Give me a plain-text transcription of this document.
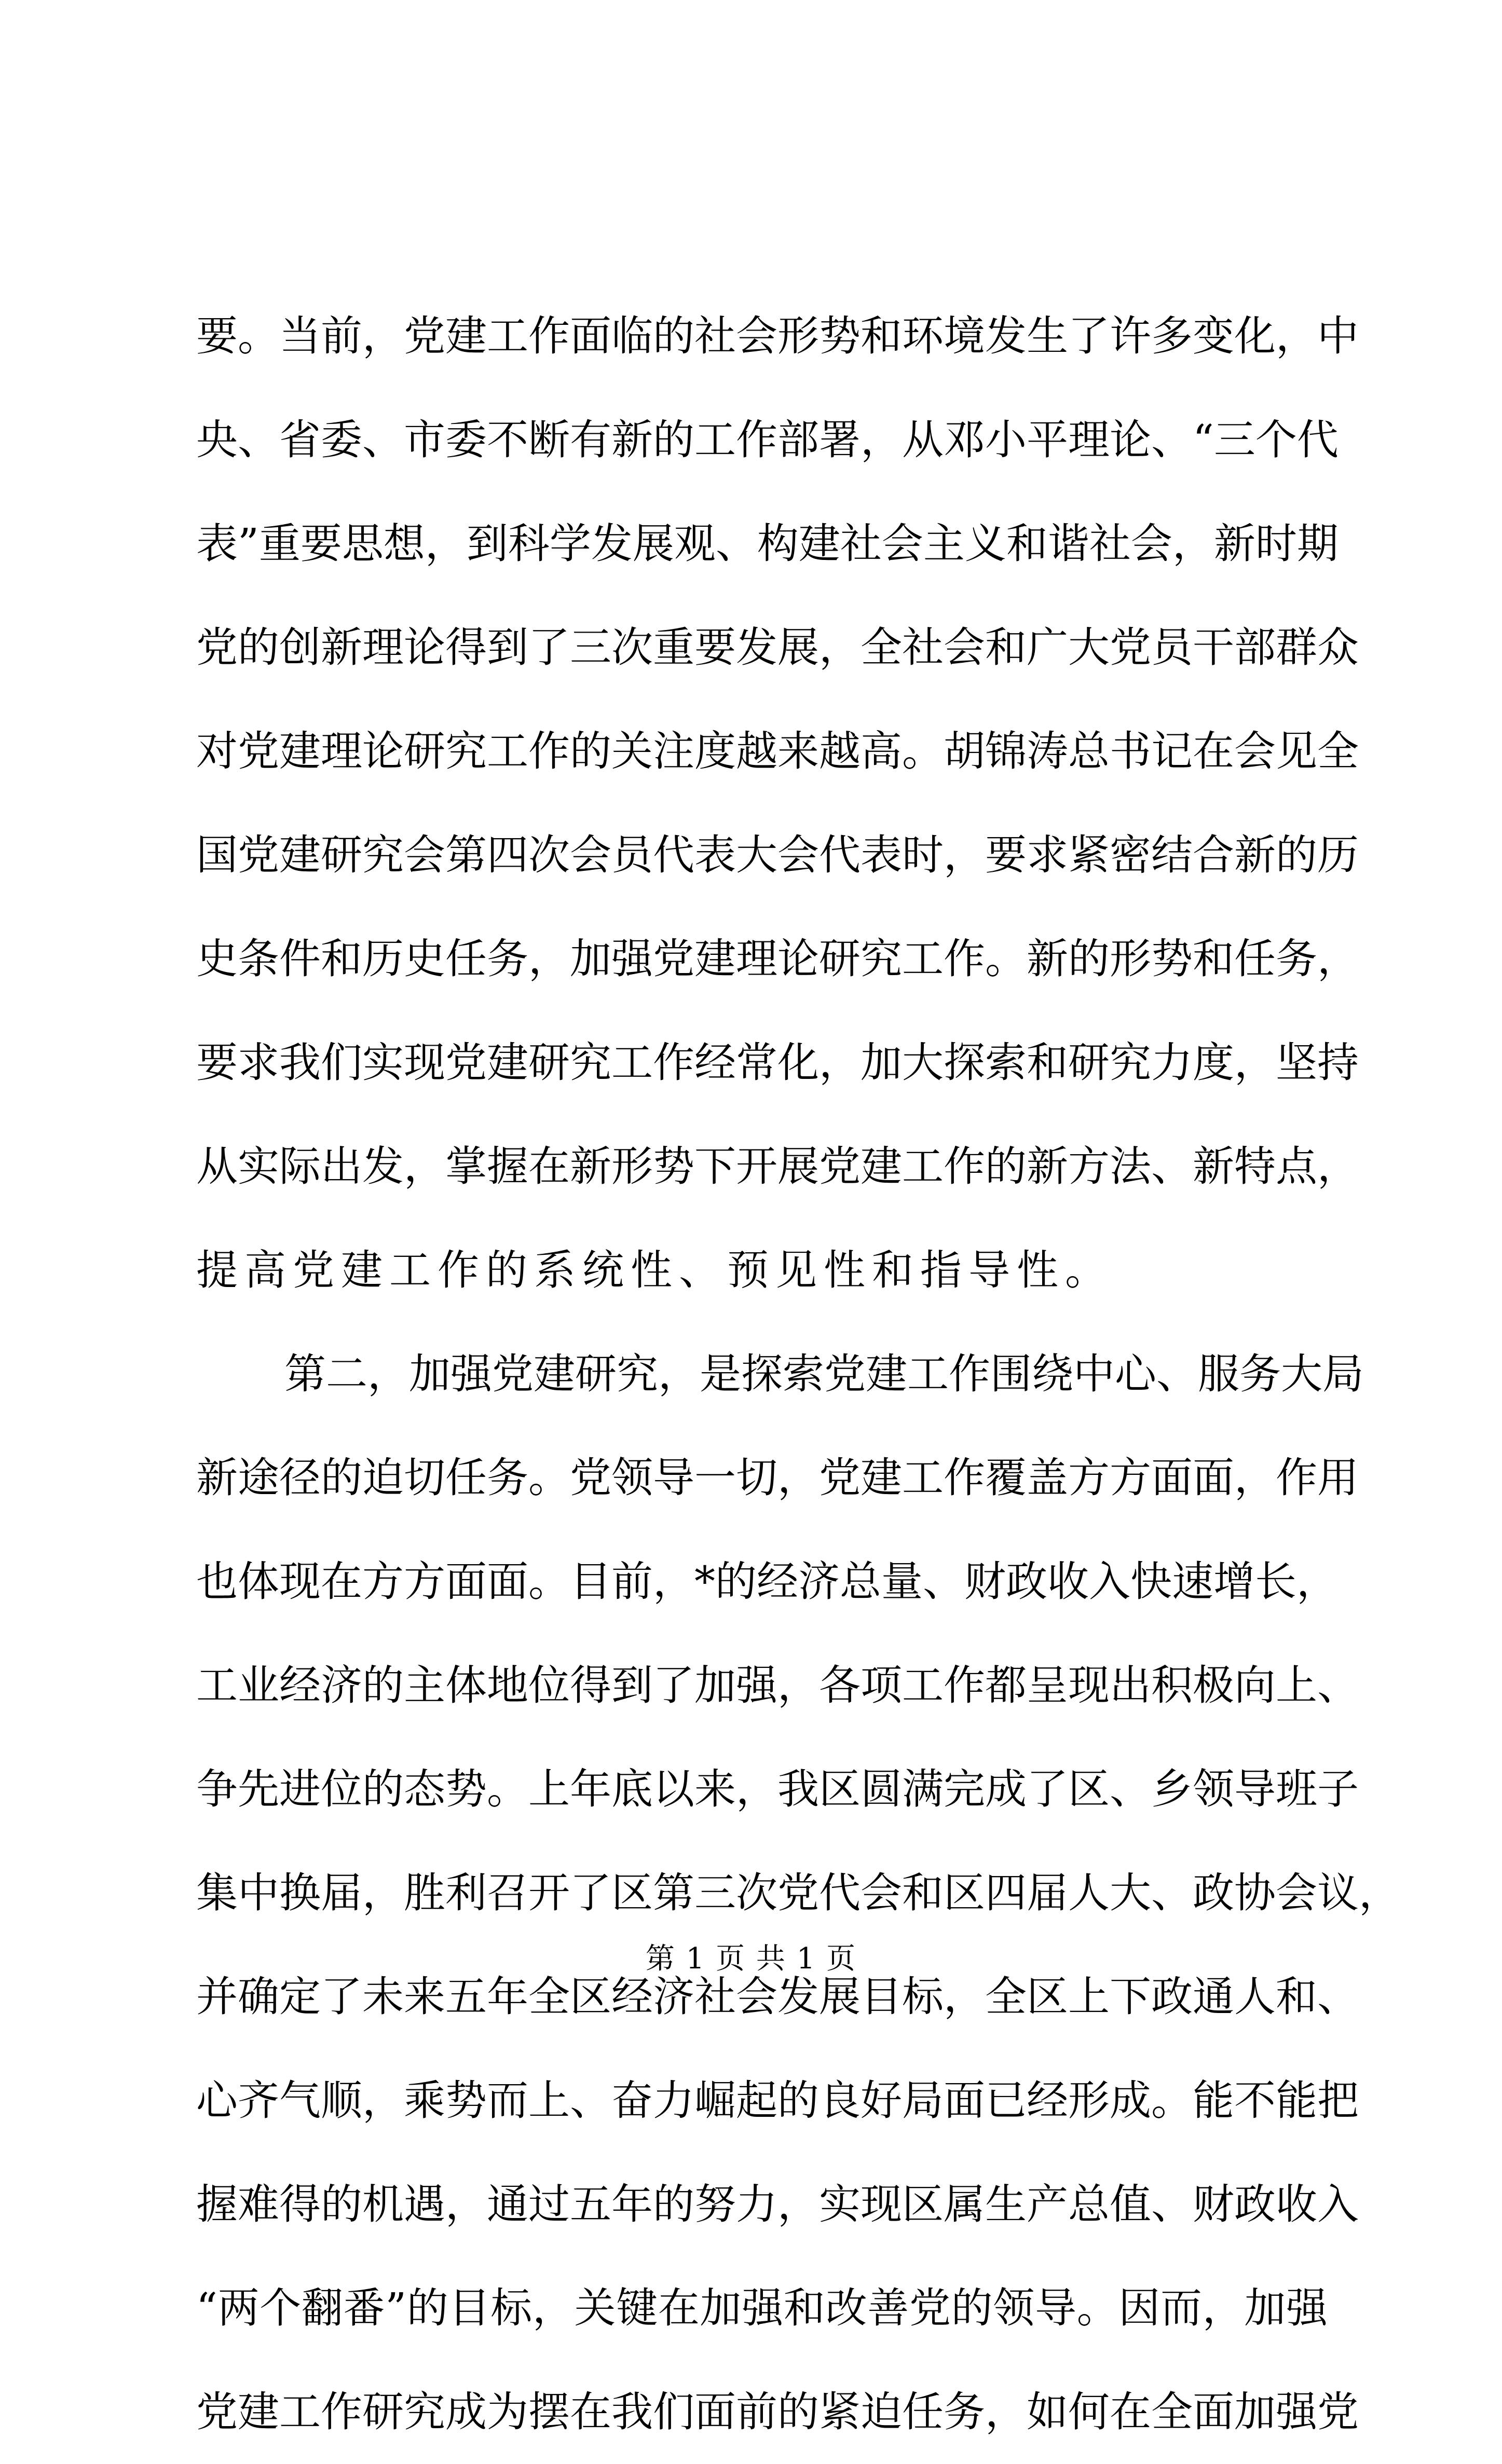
要。当前，党建工作面临的社会形势和环境发生了许多变化，中
央、省委、市委不断有新的工作部署，从邓小平理论、“三个代
表”重要思想，到科学发展观、构建社会主义和谐社会，新时期
党的创新理论得到了三次重要发展，全社会和广大党员干部群众
对党建理论研究工作的关注度越来越高。胡锦涛总书记在会见全
国党建研究会第四次会员代表大会代表时，要求紧密结合新的历
史条件和历史任务，加强党建理论研究工作。新的形势和任务，
要求我们实现党建研究工作经常化，加大探索和研究力度，坚持
从实际出发，掌握在新形势下开展党建工作的新方法、新特点，
提高党建工作的系统性、预见性和指导性。
第二，加强党建研究，是探索党建工作围绕中心、服务大局
新途径的迫切任务。党领导一切，党建工作覆盖方方面面，作用
也体现在方方面面。目前，*的经济总量、财政收入快速增长，
工业经济的主体地位得到了加强，各项工作都呈现出积极向上、
争先进位的态势。上年底以来，我区圆满完成了区、乡领导班子
集中换届，胜利召开了区第三次党代会和区四届人大、政协会议，
并确定了未来五年全区经济社会发展目标，全区上下政通人和、
心齐气顺，乘势而上、奋力崛起的良好局面已经形成。能不能把
握难得的机遇，通过五年的努力，实现区属生产总值、财政收入
“两个翻番”的目标，关键在加强和改善党的领导。因而，加强
党建工作研究成为摆在我们面前的紧迫任务，如何在全面加强党
第 1 页 共 1 页
